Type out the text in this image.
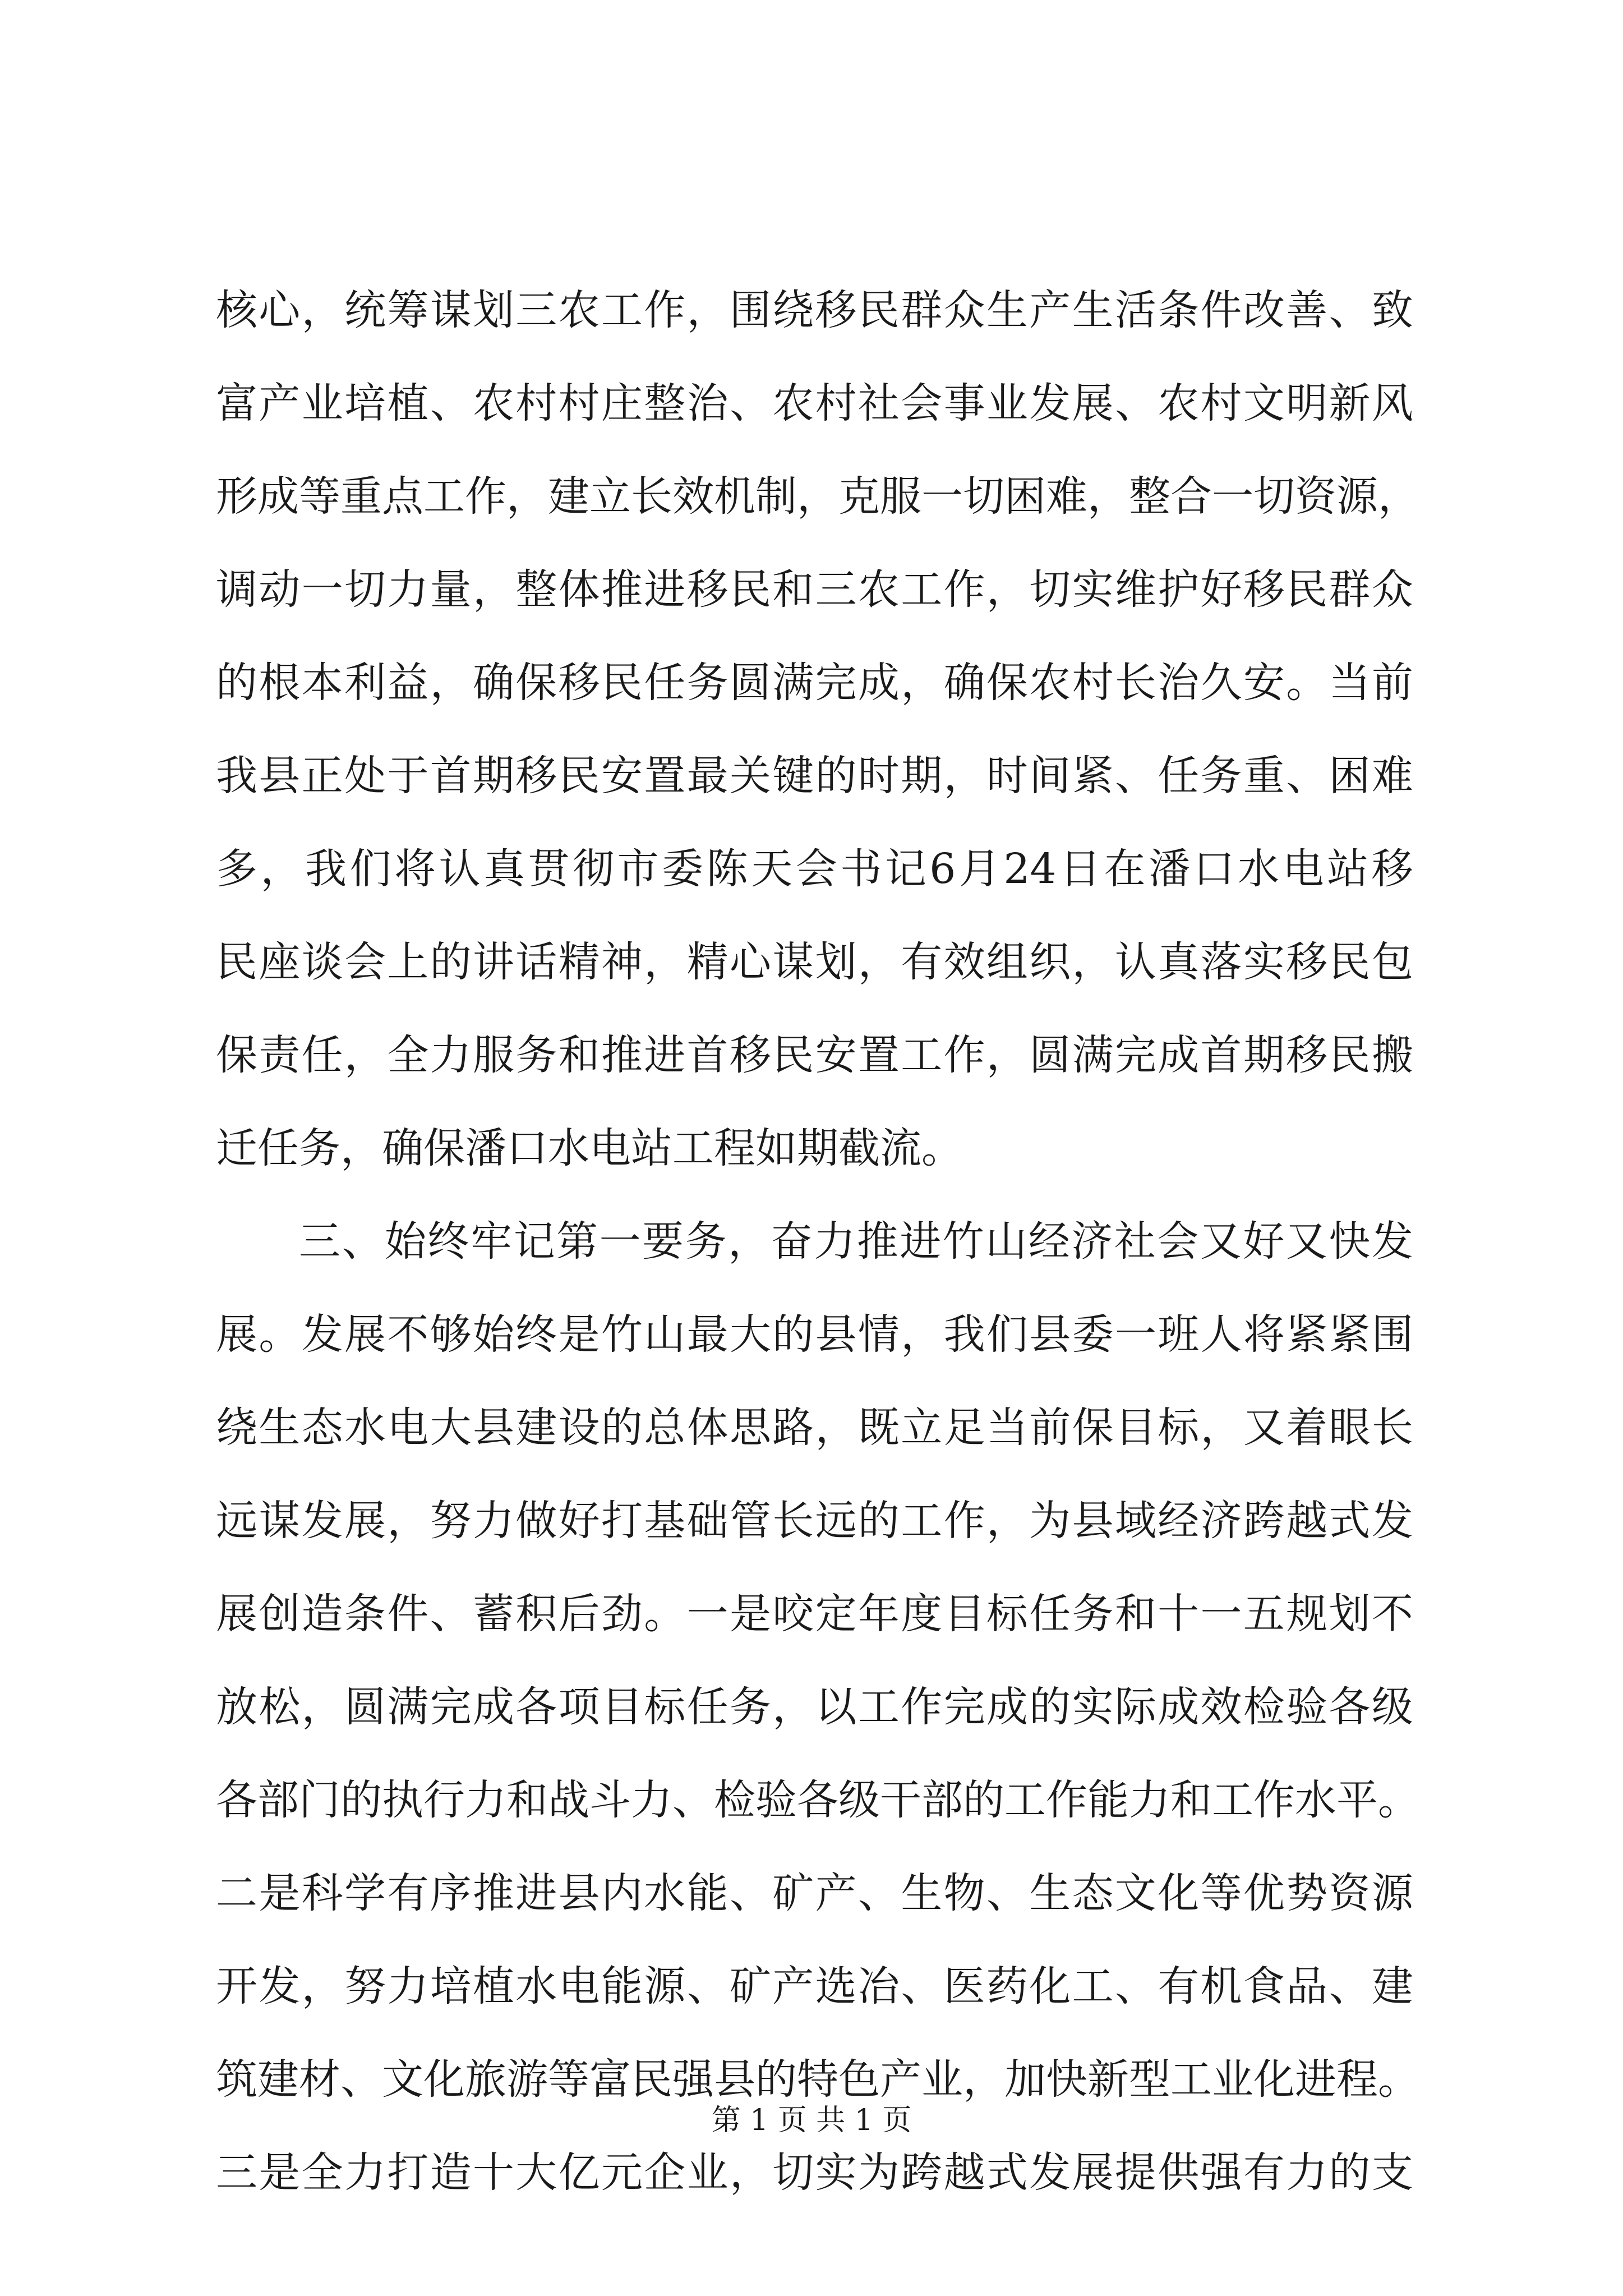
核 心 ， 统 筹 谋 划 三 农 工 作 ， 围 绕 移 民 群 众 生 产 生 活 条 件 改 善 、 致
富 产 业 培 植 、 农 村 村 庄 整 治 、 农 村 社 会 事 业 发 展 、 农 村 文 明 新 风
形 成 等 重 点 工 作 ， 建 立 长 效 机 制 ， 克 服 一 切 困 难 ， 整 合 一 切 资 源 ，
调 动 一 切 力 量 ， 整 体 推 进 移 民 和 三 农 工 作 ， 切 实 维 护 好 移 民 群 众
的 根 本 利 益 ， 确 保 移 民 任 务 圆 满 完 成 ， 确 保 农 村 长 治 久 安 。 当 前
我 县 正 处 于 首 期 移 民 安 置 最 关 键 的 时 期 ， 时 间 紧 、 任 务 重 、 困 难
多 ， 我 们 将 认 真 贯 彻 市 委 陈 天 会 书 记 6 月 24 日 在 潘 口 水 电 站 移
民 座 谈 会 上 的 讲 话 精 神 ， 精 心 谋 划 ， 有 效 组 织 ， 认 真 落 实 移 民 包
保 责 任 ， 全 力 服 务 和 推 进 首 移 民 安 置 工 作 ， 圆 满 完 成 首 期 移 民 搬
迁任务，确保潘口水电站工程如期截流。
三 、 始 终 牢 记 第 一 要 务 ， 奋 力 推 进 竹 山 经 济 社 会 又 好 又 快 发
展 。 发 展 不 够 始 终 是 竹 山 最 大 的 县 情 ， 我 们 县 委 一 班 人 将 紧 紧 围
绕 生 态 水 电 大 县 建 设 的 总 体 思 路 ， 既 立 足 当 前 保 目 标 ， 又 着 眼 长
远 谋 发 展 ， 努 力 做 好 打 基 础 管 长 远 的 工 作 ， 为 县 域 经 济 跨 越 式 发
展 创 造 条 件 、 蓄 积 后 劲 。 一 是 咬 定 年 度 目 标 任 务 和 十 一 五 规 划 不
放 松 ， 圆 满 完 成 各 项 目 标 任 务 ， 以 工 作 完 成 的 实 际 成 效 检 验 各 级
各 部 门 的 执 行 力 和 战 斗 力 、 检 验 各 级 干 部 的 工 作 能 力 和 工 作 水 平 。
二 是 科 学 有 序 推 进 县 内 水 能 、 矿 产 、 生 物 、 生 态 文 化 等 优 势 资 源
开 发 ， 努 力 培 植 水 电 能 源 、 矿 产 选 冶 、 医 药 化 工 、 有 机 食 品 、 建
筑 建 材 、 文 化 旅 游 等 富 民 强 县 的 特 色 产 业 ， 加 快 新 型 工 业 化 进 程 。
三 是 全 力 打 造 十 大 亿 元 企 业 ， 切 实 为 跨 越 式 发 展 提 供 强 有 力 的 支
第 1 页 共 1 页
